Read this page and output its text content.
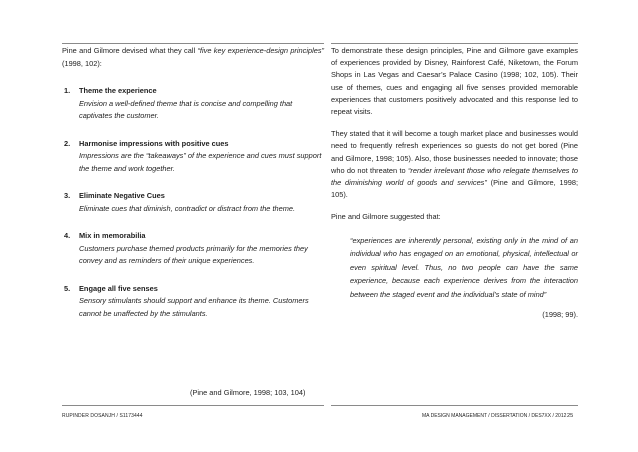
Pine and Gilmore devised what they call “five key experience-design principles” (1998, 102):

1. Theme the experience
Envision a well-defined theme that is concise and compelling that captivates the customer.
2. Harmonise impressions with positive cues
Impressions are the “takeaways” of the experience and cues must support the theme and work together.
3. Eliminate Negative Cues
Eliminate cues that diminish, contradict or distract from the theme.
4. Mix in memorabilia
Customers purchase themed products primarily for the memories they convey and as reminders of their unique experiences.
5. Engage all five senses
Sensory stimulants should support and enhance its theme. Customers cannot be unaffected by the stimulants.
(Pine and Gilmore, 1998; 103, 104)

To demonstrate these design principles, Pine and Gilmore gave examples of experiences provided by Disney, Rainforest Café, Niketown, the Forum Shops in Las Vegas and Caesar’s Palace Casino (1998; 102, 105). Their use of themes, cues and engaging all five senses provided memorable experiences that customers positively advocated and this response led to repeat visits.

They stated that it will become a tough market place and businesses would need to frequently refresh experiences so guests do not get bored (Pine and Gilmore, 1998; 105). Also, those businesses needed to innovate; those who do not threaten to “render irrelevant those who relegate themselves to the diminishing world of goods and services” (Pine and Gilmore, 1998; 105).

Pine and Gilmore suggested that:

“experiences are inherently personal, existing only in the mind of an individual who has engaged on an emotional, physical, intellectual or even spiritual level. Thus, no two people can have the same experience, because each experience derives from the interaction between the staged event and the individual’s state of mind”

(1998; 99).

RUPINDER DOSANJH / S1173444	MA DESIGN MANAGEMENT / DISSERTATION / DES7XX / 2012 25
